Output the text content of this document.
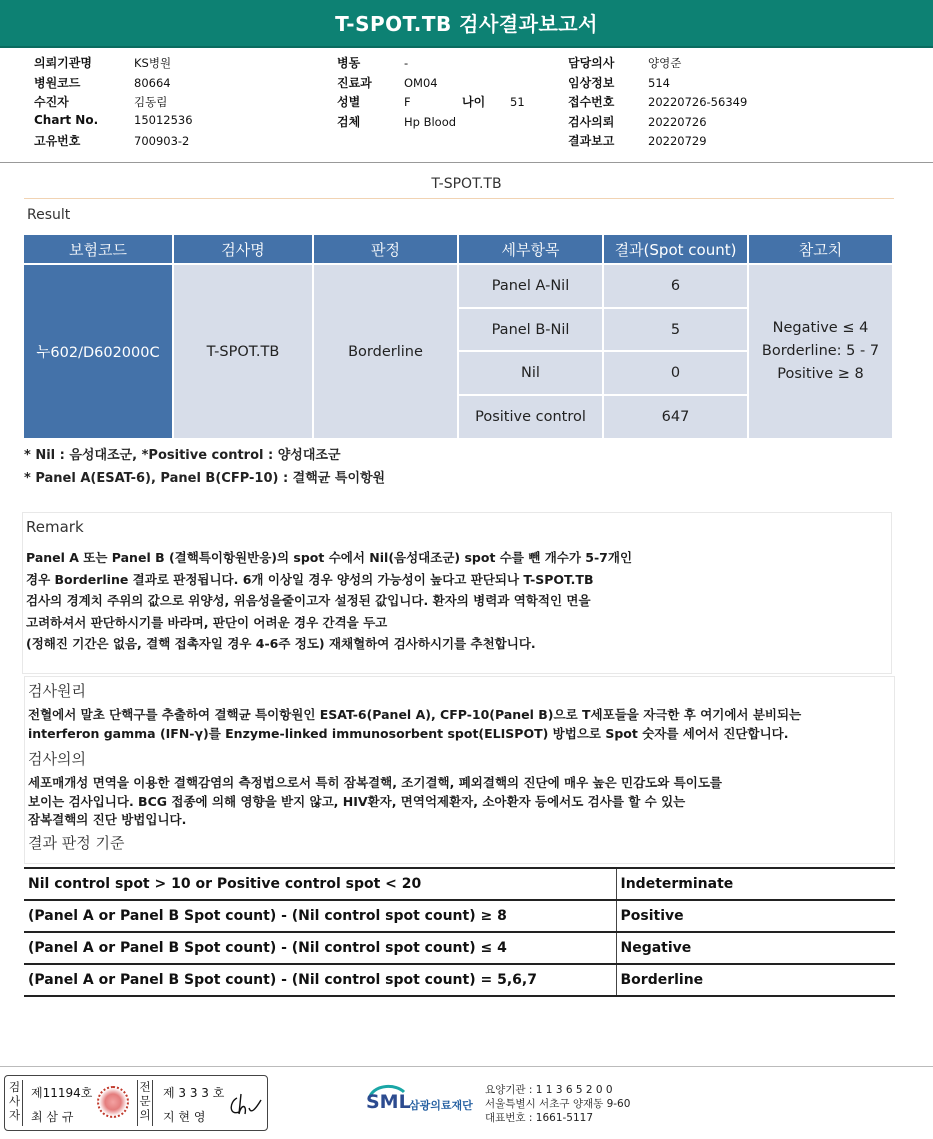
T-SPOT.TB 검사결과보고서
의뢰기관명	KS병원
병원코드	80664
수진자	김동림
Chart No.	15012536
고유번호	700903-2
병동	-
진료과	OM04
성별	F	나이 51
검체	Hp Blood
담당의사	양영준
임상정보	514
접수번호	20220726-56349
검사의뢰	20220726
결과보고	20220729
T-SPOT.TB
Result
보험코드	검사명	판정	세부항목	결과(Spot count)	참고치

누602/D602000C	T-SPOT.TB	Borderline	Panel A-Nil	6	Negative ≤ 4
Borderline: 5 - 7
Positive ≥ 8

			Panel B-Nil	5	

			Nil	0	

			Positive control	647	
* Nil : 음성대조군, *Positive control : 양성대조군
* Panel A(ESAT-6), Panel B(CFP-10) : 결핵균 특이항원
Remark
Panel A 또는 Panel B (결핵특이항원반응)의 spot 수에서 Nil(음성대조군) spot 수를 뺀 개수가 5-7개인
경우 Borderline 결과로 판정됩니다. 6개 이상일 경우 양성의 가능성이 높다고 판단되나 T-SPOT.TB
검사의 경계치 주위의 값으로 위양성, 위음성을줄이고자 설정된 값입니다. 환자의 병력과 역학적인 면을
고려하셔서 판단하시기를 바라며, 판단이 어려운 경우 간격을 두고
(정해진 기간은 없음, 결핵 접촉자일 경우 4-6주 정도) 재채혈하여 검사하시기를 추천합니다.
검사원리
전혈에서 말초 단핵구를 추출하여 결핵균 특이항원인 ESAT-6(Panel A), CFP-10(Panel B)으로 T세포들을 자극한 후 여기에서 분비되는
interferon gamma (IFN-γ)를 Enzyme-linked immunosorbent spot(ELISPOT) 방법으로 Spot 숫자를 세어서 진단합니다.
검사의의
세포매개성 면역을 이용한 결핵감염의 측정법으로서 특히 잠복결핵, 조기결핵, 폐외결핵의 진단에 매우 높은 민감도와 특이도를
보이는 검사입니다. BCG 접종에 의해 영향을 받지 않고, HIV환자, 면역억제환자, 소아환자 등에서도 검사를 할 수 있는
잠복결핵의 진단 방법입니다.
결과 판정 기준
Nil control spot > 10 or Positive control spot < 20	Indeterminate
(Panel A or Panel B Spot count) - (Nil control spot count) ≥ 8	Positive
(Panel A or Panel B Spot count) - (Nil control spot count) ≤ 4	Negative
(Panel A or Panel B Spot count) - (Nil control spot count) = 5,6,7	Borderline
검사자
제11194호
최 삼 규
전문의
제 3 3 3 호
지 현 영
SML
삼광의료재단
요양기관 : 1 1 3 6 5 2 0 0
서울특별시 서초구 양재동 9-60
대표번호 : 1661-5117
